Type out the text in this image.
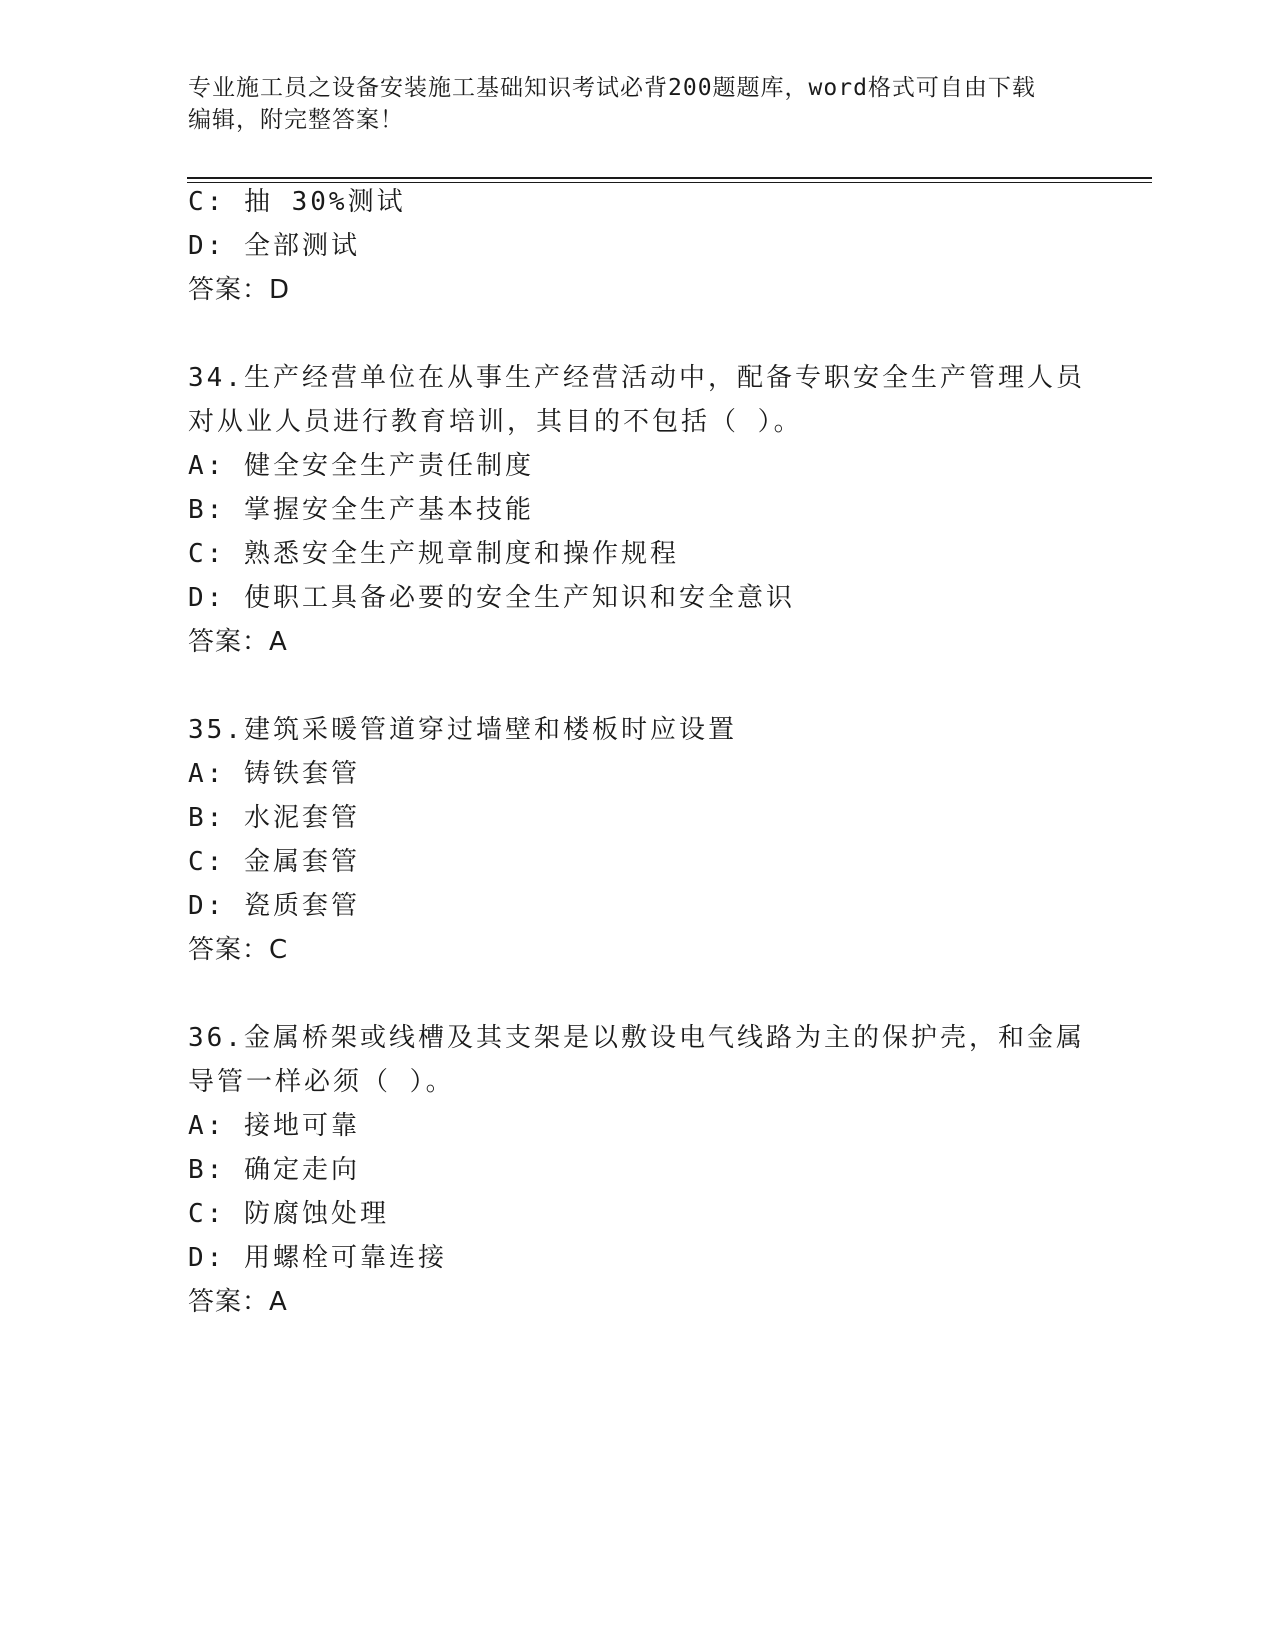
专业施工员之设备安装施工基础知识考试必背200题题库，word格式可自由下载
编辑，附完整答案！
C: 抽 30%测试
D: 全部测试
答案：D
34.生产经营单位在从事生产经营活动中，配备专职安全生产管理人员
对从业人员进行教育培训，其目的不包括（ ）。
A: 健全安全生产责任制度
B: 掌握安全生产基本技能
C: 熟悉安全生产规章制度和操作规程
D: 使职工具备必要的安全生产知识和安全意识
答案：A
35.建筑采暖管道穿过墙壁和楼板时应设置
A: 铸铁套管
B: 水泥套管
C: 金属套管
D: 瓷质套管
答案：C
36.金属桥架或线槽及其支架是以敷设电气线路为主的保护壳，和金属
导管一样必须（ ）。
A: 接地可靠
B: 确定走向
C: 防腐蚀处理
D: 用螺栓可靠连接
答案：A
